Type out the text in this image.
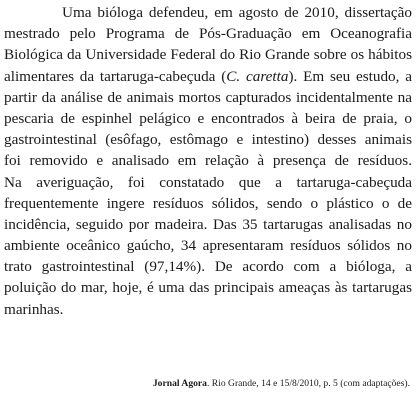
Uma bióloga defendeu, em agosto de 2010, dissertação
mestrado pelo Programa de Pós-Graduação em Oceanografia
Biológica da Universidade Federal do Rio Grande sobre os hábitos
alimentares da tartaruga-cabeçuda (C. caretta). Em seu estudo, a
partir da análise de animais mortos capturados incidentalmente na
pescaria de espinhel pelágico e encontrados à beira de praia, o
gastrointestinal (esôfago, estômago e intestino) desses animais
foi removido e analisado em relação à presença de resíduos.
Na averiguação, foi constatado que a tartaruga-cabeçuda
frequentemente ingere resíduos sólidos, sendo o plástico o de
incidência, seguido por madeira. Das 35 tartarugas analisadas no
ambiente oceânico gaúcho, 34 apresentaram resíduos sólidos no
trato gastrointestinal (97,14%). De acordo com a bióloga, a
poluição do mar, hoje, é uma das principais ameaças às tartarugas
marinhas.
Jornal Agora. Rio Grande, 14 e 15/8/2010, p. 5 (com adaptações).
